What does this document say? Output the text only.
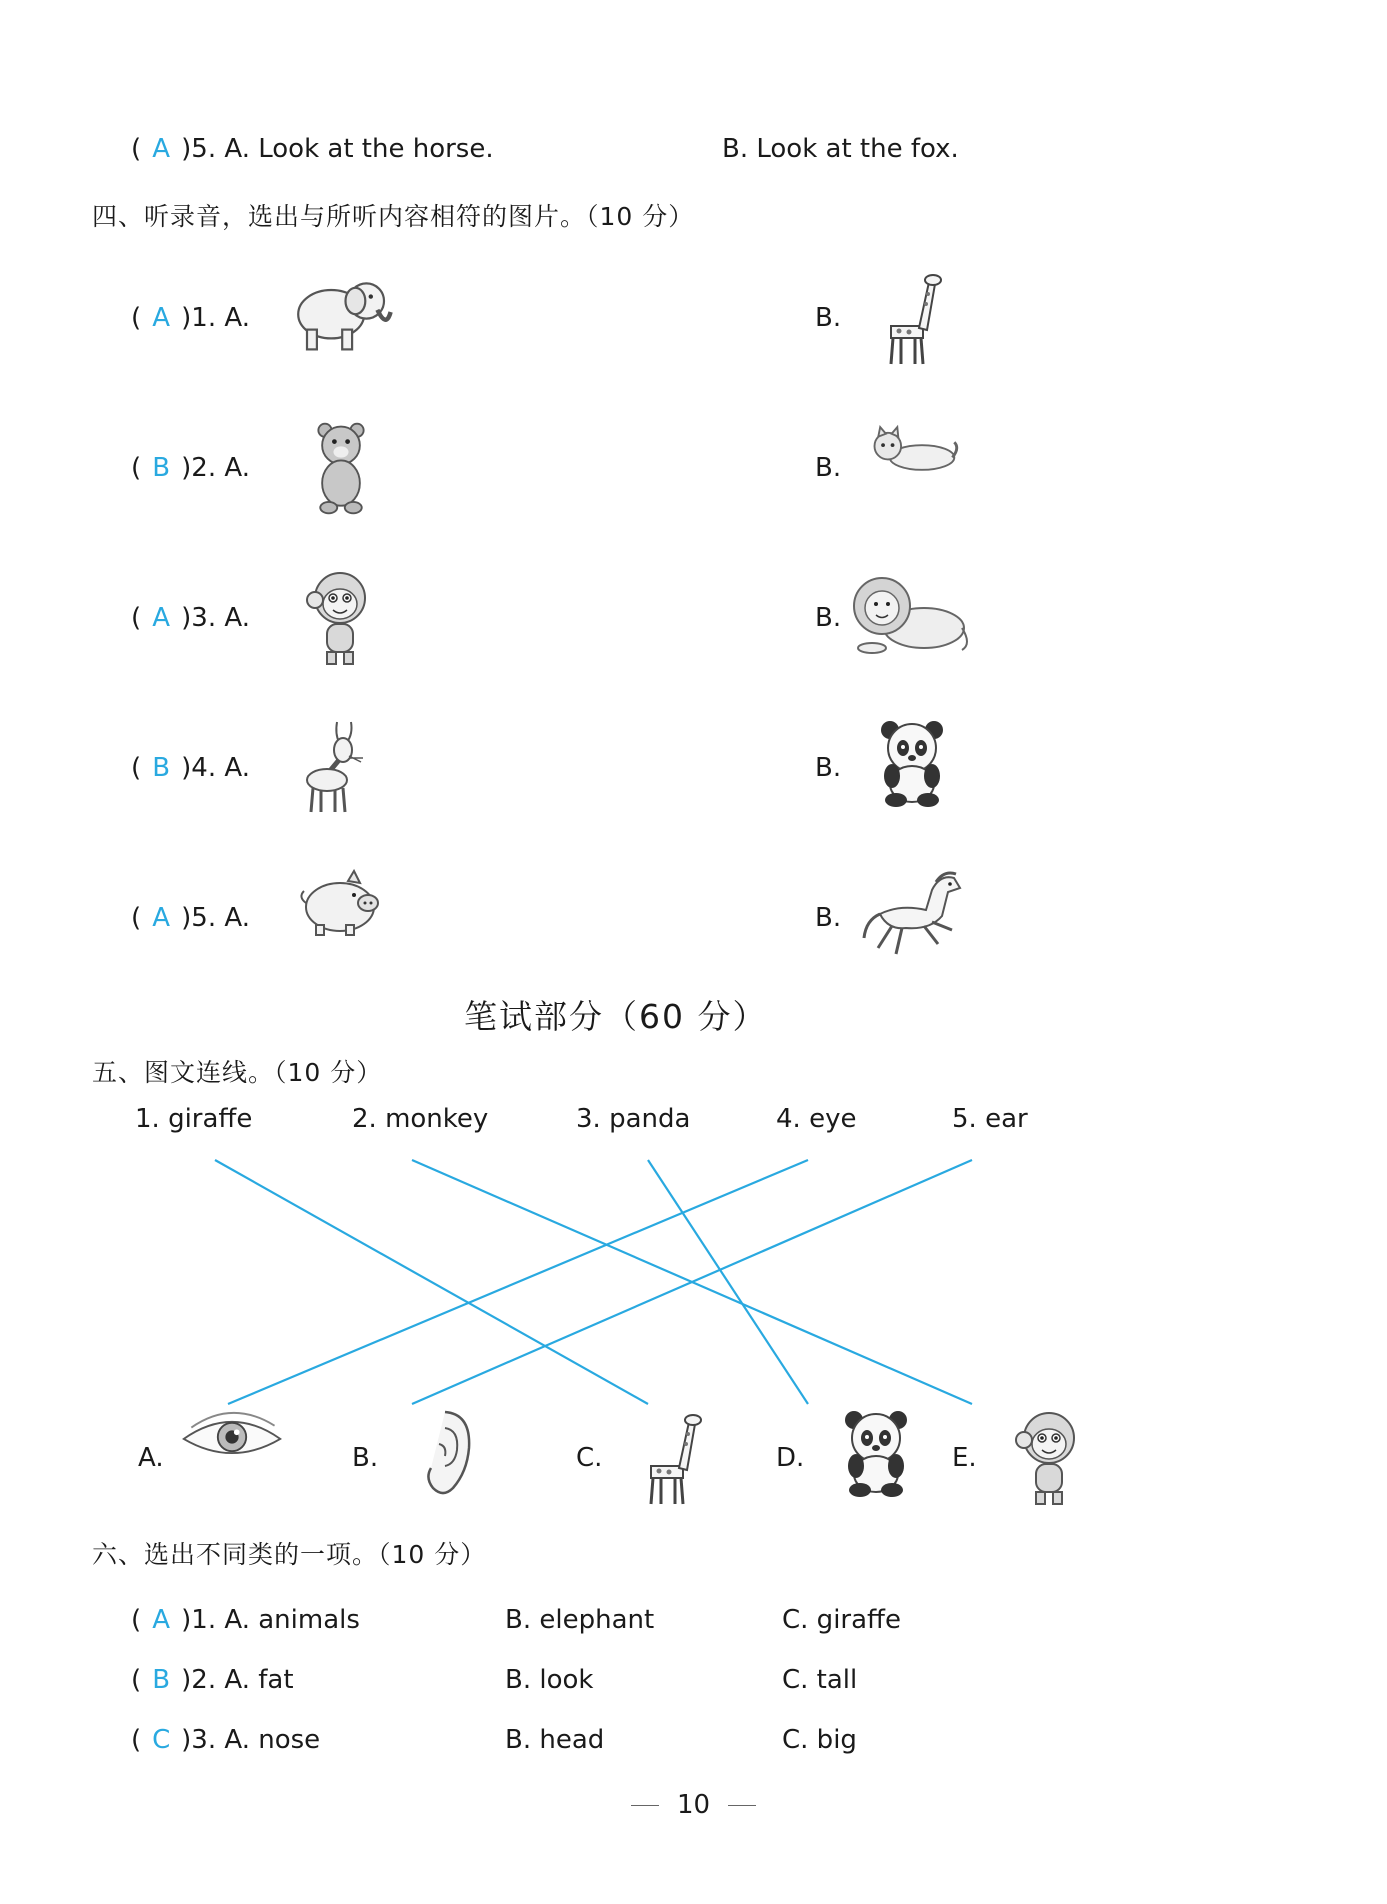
( A )5. A. Look at the horse.	B. Look at the fox.
四、听录音，选出与所听内容相符的图片。（10 分）
( A )1. A.	B.
( B )2. A.	B.
( A )3. A.	B.
( B )4. A.	B.
( A )5. A.	B.
笔试部分（60 分）
五、图文连线。（10 分）
1. giraffe	2. monkey	3. panda	4. eye	5. ear
A.	B.	C.	D.	E.
六、选出不同类的一项。（10 分）
( A )1. A. animals	B. elephant	C. giraffe
( B )2. A. fat	B. look	C. tall
( C )3. A. nose	B. head	C. big
10
